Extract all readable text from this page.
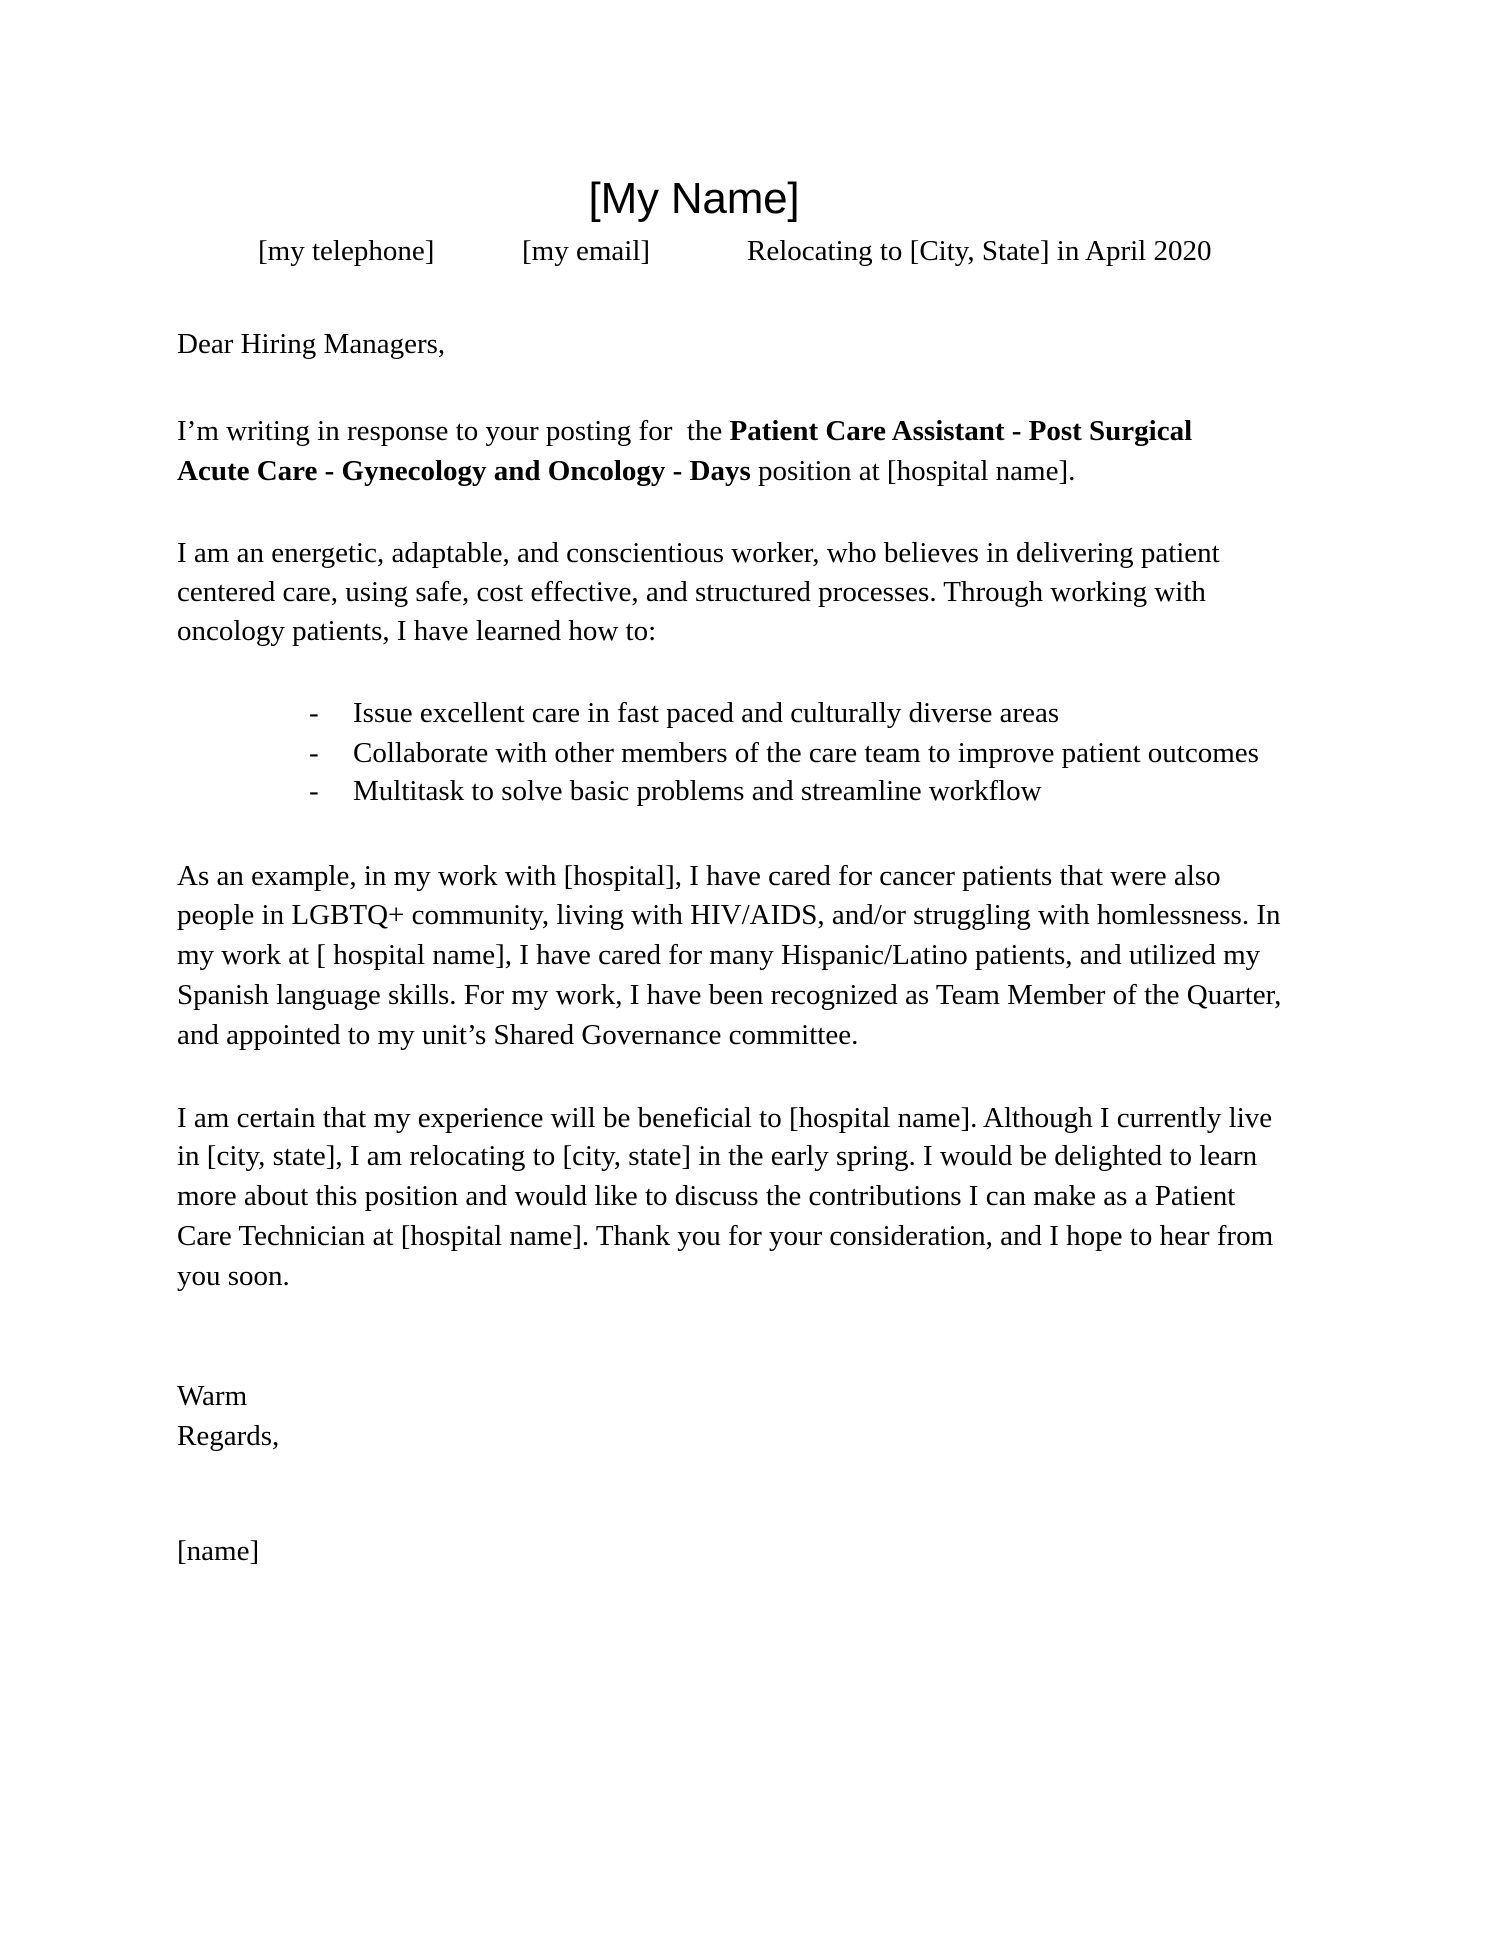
[My Name]
[my telephone]	[my email]	Relocating to [City, State] in April 2020
Dear Hiring Managers,
I’m writing in response to your posting for  the Patient Care Assistant - Post Surgical
Acute Care - Gynecology and Oncology - Days position at [hospital name].
I am an energetic, adaptable, and conscientious worker, who believes in delivering patient
centered care, using safe, cost effective, and structured processes. Through working with
oncology patients, I have learned how to:
- Issue excellent care in fast paced and culturally diverse areas
- Collaborate with other members of the care team to improve patient outcomes
- Multitask to solve basic problems and streamline workflow
As an example, in my work with [hospital], I have cared for cancer patients that were also
people in LGBTQ+ community, living with HIV/AIDS, and/or struggling with homlessness. In
my work at [ hospital name], I have cared for many Hispanic/Latino patients, and utilized my
Spanish language skills. For my work, I have been recognized as Team Member of the Quarter,
and appointed to my unit’s Shared Governance committee.
I am certain that my experience will be beneficial to [hospital name]. Although I currently live
in [city, state], I am relocating to [city, state] in the early spring. I would be delighted to learn
more about this position and would like to discuss the contributions I can make as a Patient
Care Technician at [hospital name]. Thank you for your consideration, and I hope to hear from
you soon.
Warm
Regards,
[name]
